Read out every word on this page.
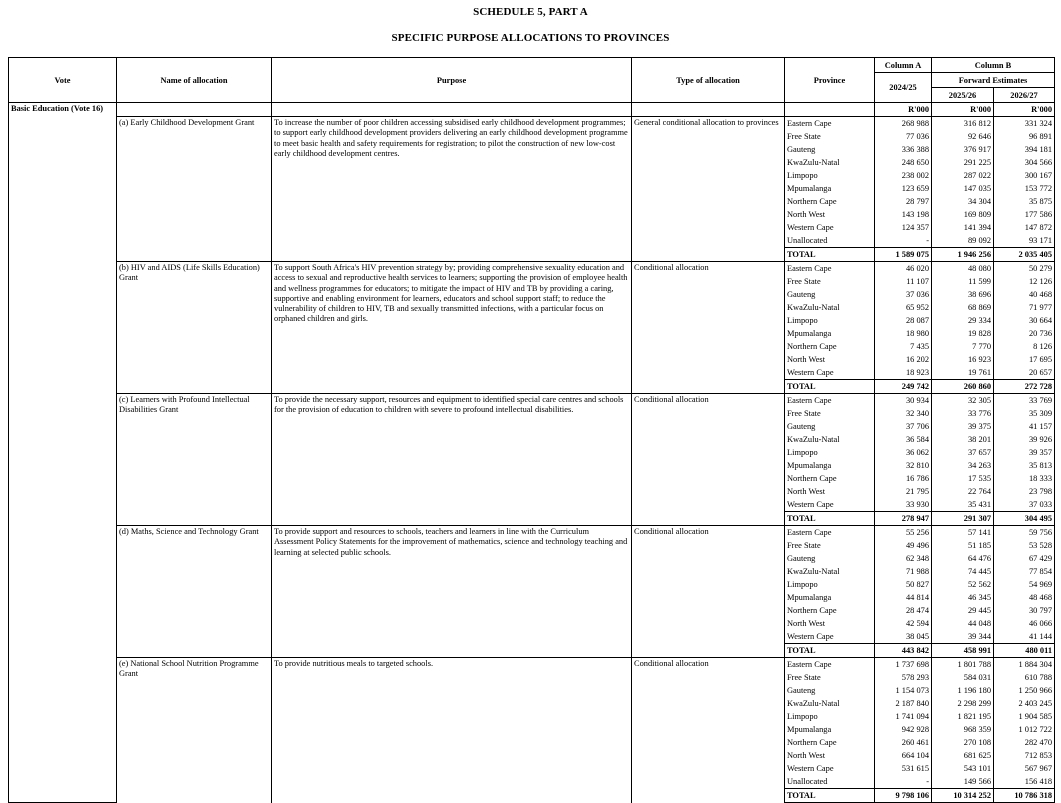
SCHEDULE 5, PART A
SPECIFIC PURPOSE ALLOCATIONS TO PROVINCES
Vote	Name of allocation	Purpose	Type of allocation	Province	Column A	Column B	
					2024/25	Forward Estimates	
						2025/26	2026/27
Basic Education (Vote 16)					R'000	R'000	R'000
	(a) Early Childhood Development Grant	To increase the number of poor children accessing subsidised early childhood development programmes; to support early childhood development providers delivering an early childhood development programme to meet basic health and safety requirements for registration; to pilot the construction of new low-cost early childhood development centres.	General conditional allocation to provinces	Eastern Cape	268 988	316 812	331 324
				Free State	77 036	92 646	96 891
				Gauteng	336 388	376 917	394 181
				KwaZulu-Natal	248 650	291 225	304 566
				Limpopo	238 002	287 022	300 167
				Mpumalanga	123 659	147 035	153 772
				Northern Cape	28 797	34 304	35 875
				North West	143 198	169 809	177 586
				Western Cape	124 357	141 394	147 872
				Unallocated	-	89 092	93 171
				TOTAL	1 589 075	1 946 256	2 035 405
	(b) HIV and AIDS (Life Skills Education) Grant	To support South Africa's HIV prevention strategy by; providing comprehensive sexuality education and access to sexual and reproductive health services to learners; supporting the provision of employee health and wellness programmes for educators; to mitigate the impact of HIV and TB by providing a caring, supportive and enabling environment for learners, educators and school support staff; to reduce the vulnerability of children to HIV, TB and sexually transmitted infections, with a particular focus on orphaned children and girls.	Conditional allocation	Eastern Cape	46 020	48 080	50 279
				Free State	11 107	11 599	12 126
				Gauteng	37 036	38 696	40 468
				KwaZulu-Natal	65 952	68 869	71 977
				Limpopo	28 087	29 334	30 664
				Mpumalanga	18 980	19 828	20 736
				Northern Cape	7 435	7 770	8 126
				North West	16 202	16 923	17 695
				Western Cape	18 923	19 761	20 657
				TOTAL	249 742	260 860	272 728
	(c) Learners with Profound Intellectual Disabilities Grant	To provide the necessary support, resources and equipment to identified special care centres and schools for the provision of education to children with severe to profound intellectual disabilities.	Conditional allocation	Eastern Cape	30 934	32 305	33 769
				Free State	32 340	33 776	35 309
				Gauteng	37 706	39 375	41 157
				KwaZulu-Natal	36 584	38 201	39 926
				Limpopo	36 062	37 657	39 357
				Mpumalanga	32 810	34 263	35 813
				Northern Cape	16 786	17 535	18 333
				North West	21 795	22 764	23 798
				Western Cape	33 930	35 431	37 033
				TOTAL	278 947	291 307	304 495
	(d) Maths, Science and Technology Grant	To provide support and resources to schools, teachers and learners in line with the Curriculum Assessment Policy Statements for the improvement of mathematics, science and technology teaching and learning at selected public schools.	Conditional allocation	Eastern Cape	55 256	57 141	59 756
				Free State	49 496	51 185	53 528
				Gauteng	62 348	64 476	67 429
				KwaZulu-Natal	71 988	74 445	77 854
				Limpopo	50 827	52 562	54 969
				Mpumalanga	44 814	46 345	48 468
				Northern Cape	28 474	29 445	30 797
				North West	42 594	44 048	46 066
				Western Cape	38 045	39 344	41 144
				TOTAL	443 842	458 991	480 011
	(e) National School Nutrition Programme Grant	To provide nutritious meals to targeted schools.	Conditional allocation	Eastern Cape	1 737 698	1 801 788	1 884 304
				Free State	578 293	584 031	610 788
				Gauteng	1 154 073	1 196 180	1 250 966
				KwaZulu-Natal	2 187 840	2 298 299	2 403 245
				Limpopo	1 741 094	1 821 195	1 904 585
				Mpumalanga	942 928	968 359	1 012 722
				Northern Cape	260 461	270 108	282 470
				North West	664 104	681 625	712 853
				Western Cape	531 615	543 101	567 967
				Unallocated	-	149 566	156 418
				TOTAL	9 798 106	10 314 252	10 786 318
